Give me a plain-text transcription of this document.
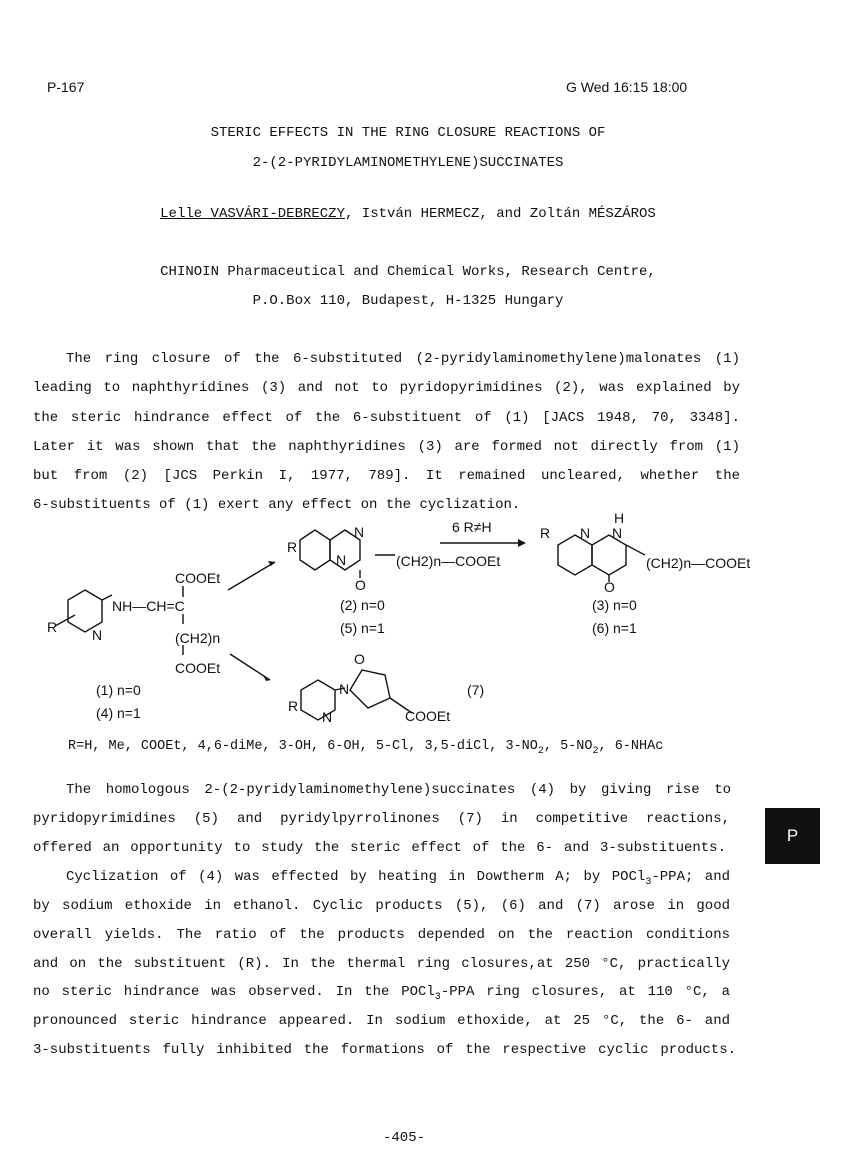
P-167	G Wed 16:15 18:00
STERIC EFFECTS IN THE RING CLOSURE REACTIONS OF
2-(2-PYRIDYLAMINOMETHYLENE)SUCCINATES
Lelle VASVÁRI-DEBRECZY, István HERMECZ, and Zoltán MÉSZÁROS
CHINOIN Pharmaceutical and Chemical Works, Research Centre,
P.O.Box 110, Budapest, H-1325 Hungary
The ring closure of the 6-substituted (2-pyridylaminomethylene)malonates (1)
leading to naphthyridines (3) and not to pyridopyrimidines (2), was explained by
the steric hindrance effect of the 6-substituent of (1) [JACS 1948, 70, 3348].
Later it was shown that the naphthyridines (3) are formed not directly from (1)
but from (2) [JCS Perkin I, 1977, 789]. It remained uncleared, whether the
6-substituents of (1) exert any effect on the cyclization.
R N
NH—CH=C
COOEt
(CH2)n
COOEt
(1) n=0
(4) n=1
6 R≠H
R
N
N
O
(CH2)n—COOEt
(2) n=0
(5) n=1
R N N
H
O
(CH2)n—COOEt
(3) n=0
(6) n=1
O
N
R
N	COOEt
(7)
R=H, Me, COOEt, 4,6-diMe, 3-OH, 6-OH, 5-Cl, 3,5-diCl, $3-NO_2$, $5-NO_2$, 6-NHAc
The homologous 2-(2-pyridylaminomethylene)succinates (4) by giving rise to
pyridopyrimidines (5) and pyridylpyrrolinones (7) in competitive reactions,
offered an opportunity to study the steric effect of the 6- and 3-substituents.
Cyclization of (4) was effected by heating in Dowtherm A; by POCl$_3$-PPA; and
by sodium ethoxide in ethanol. Cyclic products (5), (6) and (7) arose in good
overall yields. The ratio of the products depended on the reaction conditions
and on the substituent (R). In the thermal ring closures,at 250 °C, practically
no steric hindrance was observed. In the POCl$_3$-PPA ring closures, at 110 °C, a
pronounced steric hindrance appeared. In sodium ethoxide, at 25 °C, the 6- and
3-substituents fully inhibited the formations of the respective cyclic products.
P
-405-
